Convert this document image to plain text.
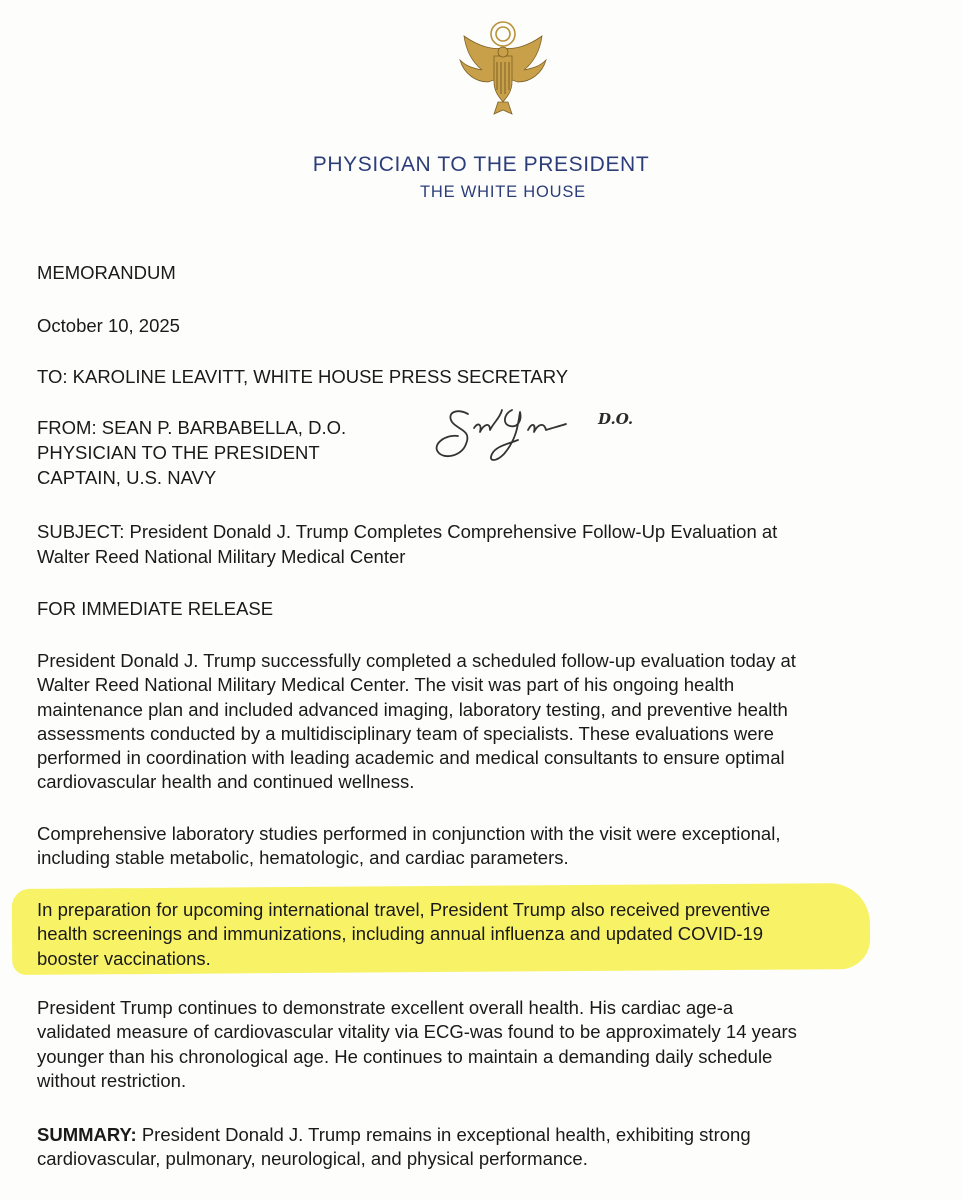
PHYSICIAN TO THE PRESIDENT
THE WHITE HOUSE
MEMORANDUM
October 10, 2025
TO: KAROLINE LEAVITT, WHITE HOUSE PRESS SECRETARY
FROM: SEAN P. BARBABELLA, D.O.
PHYSICIAN TO THE PRESIDENT
CAPTAIN, U.S. NAVY
D.O.
SUBJECT: President Donald J. Trump Completes Comprehensive Follow-Up Evaluation at
Walter Reed National Military Medical Center
FOR IMMEDIATE RELEASE
President Donald J. Trump successfully completed a scheduled follow-up evaluation today at
Walter Reed National Military Medical Center. The visit was part of his ongoing health
maintenance plan and included advanced imaging, laboratory testing, and preventive health
assessments conducted by a multidisciplinary team of specialists. These evaluations were
performed in coordination with leading academic and medical consultants to ensure optimal
cardiovascular health and continued wellness.
Comprehensive laboratory studies performed in conjunction with the visit were exceptional,
including stable metabolic, hematologic, and cardiac parameters.
In preparation for upcoming international travel, President Trump also received preventive
health screenings and immunizations, including annual influenza and updated COVID-19
booster vaccinations.
President Trump continues to demonstrate excellent overall health. His cardiac age-a
validated measure of cardiovascular vitality via ECG-was found to be approximately 14 years
younger than his chronological age. He continues to maintain a demanding daily schedule
without restriction.
SUMMARY: President Donald J. Trump remains in exceptional health, exhibiting strong
cardiovascular, pulmonary, neurological, and physical performance.
